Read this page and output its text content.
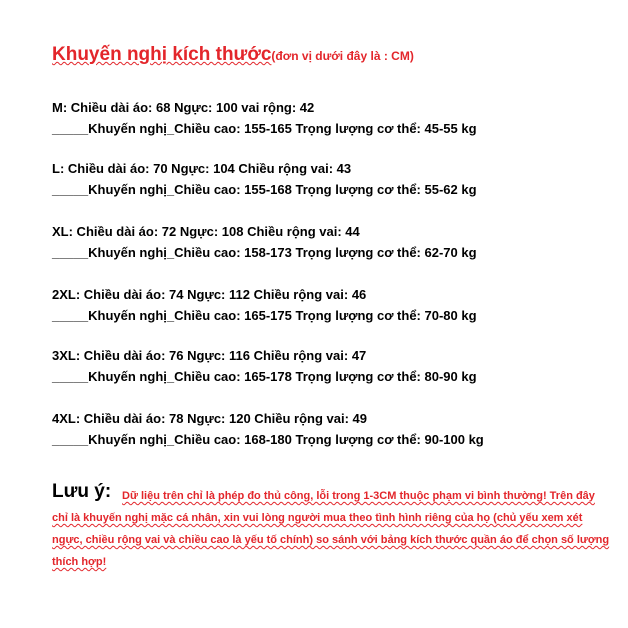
Khuyến nghị kích thước(đơn vị dưới đây là : CM)
M: Chiều dài áo: 68 Ngực: 100 vai rộng: 42
_____Khuyến nghị_Chiều cao: 155-165 Trọng lượng cơ thể: 45-55 kg
L: Chiều dài áo: 70 Ngực: 104 Chiều rộng vai: 43
_____Khuyến nghị_Chiều cao: 155-168 Trọng lượng cơ thể: 55-62 kg
XL: Chiều dài áo: 72 Ngực: 108 Chiều rộng vai: 44
_____Khuyến nghị_Chiều cao: 158-173 Trọng lượng cơ thể: 62-70 kg
2XL: Chiều dài áo: 74 Ngực: 112 Chiều rộng vai: 46
_____Khuyến nghị_Chiều cao: 165-175 Trọng lượng cơ thể: 70-80 kg
3XL: Chiều dài áo: 76 Ngực: 116 Chiều rộng vai: 47
_____Khuyến nghị_Chiều cao: 165-178 Trọng lượng cơ thể: 80-90 kg
4XL: Chiều dài áo: 78 Ngực: 120 Chiều rộng vai: 49
_____Khuyến nghị_Chiều cao: 168-180 Trọng lượng cơ thể: 90-100 kg
Lưu ý: Dữ liệu trên chỉ là phép đo thủ công, lỗi trong 1-3CM thuộc phạm vi bình thường! Trên đây chỉ là khuyến nghị mặc cá nhân, xin vui lòng người mua theo tình hình riêng của họ (chủ yếu xem xét ngực, chiều rộng vai và chiều cao là yếu tố chính) so sánh với bảng kích thước quần áo để chọn số lượng thích hợp!
